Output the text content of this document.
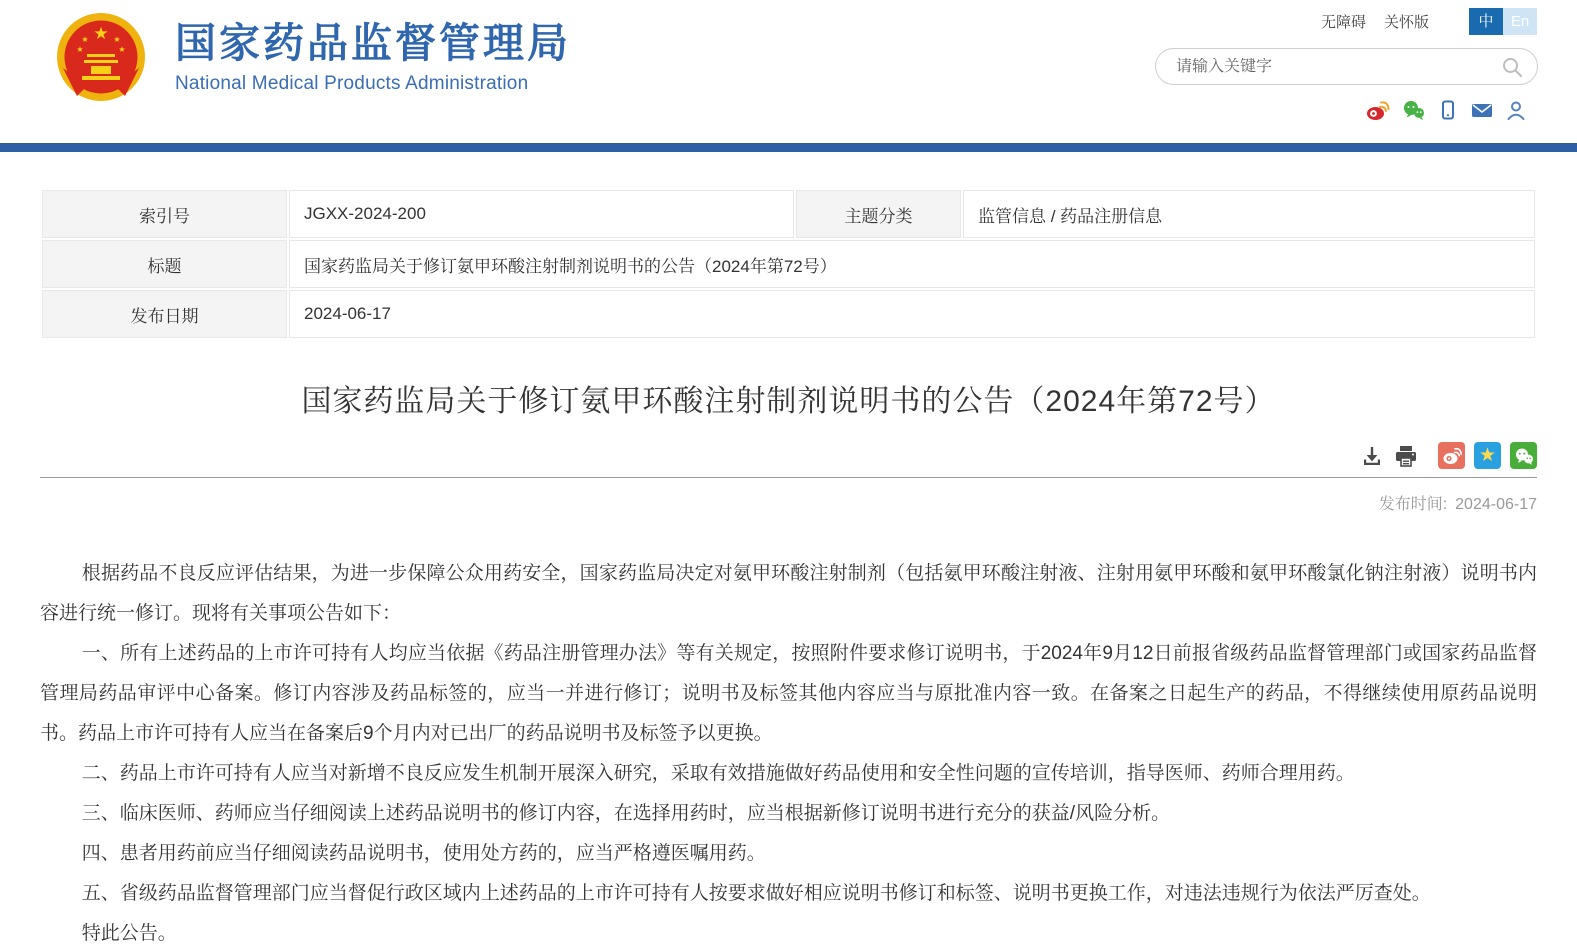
无障碍 关怀版	中	En
★
★	★
★	★ 国家药品监督管理局
National Medical Products Administration
请输入关键字
索引号	JGXX-2024-200	主题分类	监管信息 / 药品注册信息
标题	国家药监局关于修订氨甲环酸注射制剂说明书的公告（2024年第72号）		
发布日期	2024-06-17		
国家药监局关于修订氨甲环酸注射制剂说明书的公告（2024年第72号）
★
发布时间: 2024-06-17

根据药品不良反应评估结果，为进一步保障公众用药安全，国家药监局决定对氨甲环酸注射制剂（包括氨甲环酸注射液、注射用氨甲环酸和氨甲环酸氯化钠注射液）说明书内容进行统一修订。现将有关事项公告如下：

一、所有上述药品的上市许可持有人均应当依据《药品注册管理办法》等有关规定，按照附件要求修订说明书，于2024年9月12日前报省级药品监督管理部门或国家药品监督管理局药品审评中心备案。修订内容涉及药品标签的，应当一并进行修订；说明书及标签其他内容应当与原批准内容一致。在备案之日起生产的药品，不得继续使用原药品说明书。药品上市许可持有人应当在备案后9个月内对已出厂的药品说明书及标签予以更换。

二、药品上市许可持有人应当对新增不良反应发生机制开展深入研究，采取有效措施做好药品使用和安全性问题的宣传培训，指导医师、药师合理用药。

三、临床医师、药师应当仔细阅读上述药品说明书的修订内容，在选择用药时，应当根据新修订说明书进行充分的获益/风险分析。

四、患者用药前应当仔细阅读药品说明书，使用处方药的，应当严格遵医嘱用药。

五、省级药品监督管理部门应当督促行政区域内上述药品的上市许可持有人按要求做好相应说明书修订和标签、说明书更换工作，对违法违规行为依法严厉查处。

特此公告。
